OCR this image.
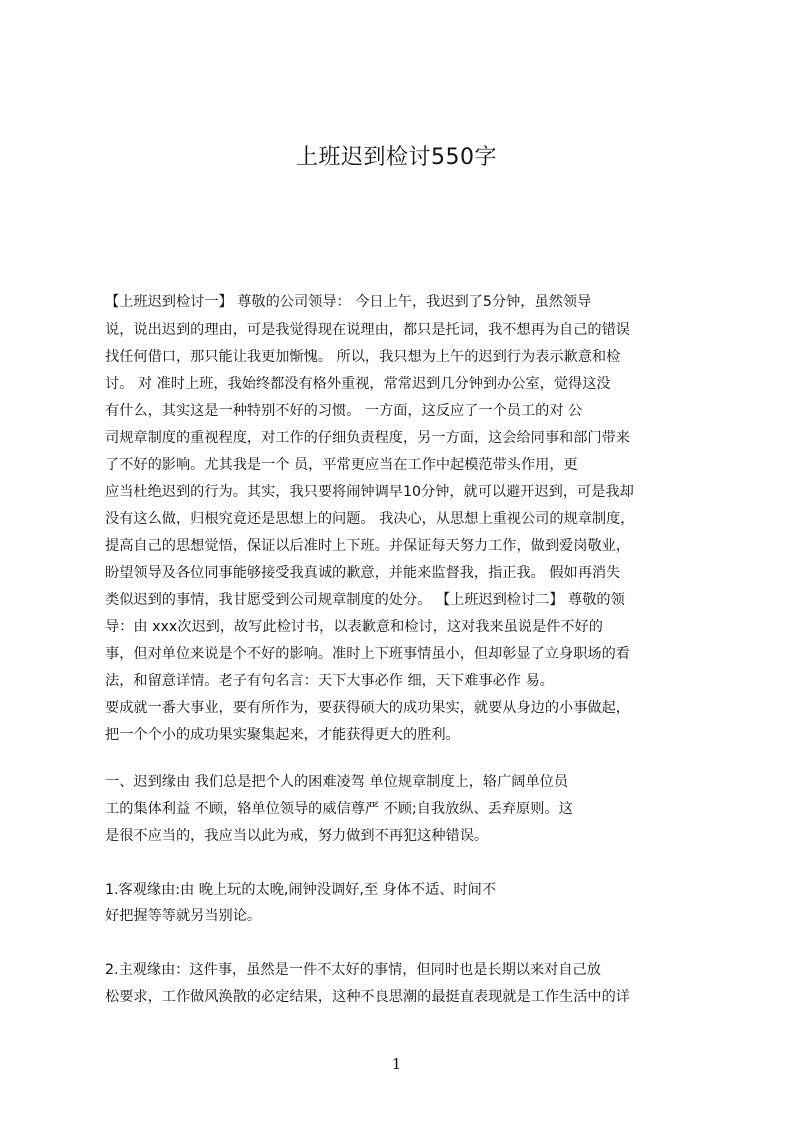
上班迟到检讨550字
【上班迟到检讨一】 尊敬的公司领导： 今日上午，我迟到了5分钟，虽然领导
说，说出迟到的理由，可是我觉得现在说理由，都只是托词，我不想再为自己的错误
找任何借口，那只能让我更加惭愧。 所以，我只想为上午的迟到行为表示歉意和检
讨。 对 准时上班，我始终都没有格外重视，常常迟到几分钟到办公室，觉得这没
有什么，其实这是一种特别不好的习惯。 一方面，这反应了一个员工的对 公
司规章制度的重视程度，对工作的仔细负责程度，另一方面，这会给同事和部门带来
了不好的影响。尤其我是一个 员，平常更应当在工作中起模范带头作用，更
应当杜绝迟到的行为。其实，我只要将闹钟调早10分钟，就可以避开迟到，可是我却
没有这么做，归根究竟还是思想上的问题。 我决心，从思想上重视公司的规章制度，
提高自己的思想觉悟，保证以后准时上下班。并保证每天努力工作，做到爱岗敬业，
盼望领导及各位同事能够接受我真诚的歉意，并能来监督我，指正我。 假如再消失
类似迟到的事情，我甘愿受到公司规章制度的处分。 【上班迟到检讨二】 尊敬的领
导：由 xxx次迟到，故写此检讨书，以表歉意和检讨，这对我来虽说是件不好的
事，但对单位来说是个不好的影响。准时上下班事情虽小，但却彰显了立身职场的看
法，和留意详情。老子有句名言：天下大事必作 细，天下难事必作 易。
要成就一番大事业，要有所作为，要获得硕大的成功果实，就要从身边的小事做起，
把一个个小的成功果实聚集起来，才能获得更大的胜利。
一、迟到缘由 我们总是把个人的困难凌驾 单位规章制度上，辂广阔单位员
工的集体利益 不顾，辂单位领导的威信尊严 不顾;自我放纵、丢弃原则。这
是很不应当的，我应当以此为戒，努力做到不再犯这种错误。
1.客观缘由:由 晚上玩的太晚,闹钟没调好,至 身体不适、时间不
好把握等等就另当别论。
2.主观缘由：这件事，虽然是一件不太好的事情，但同时也是长期以来对自己放
松要求，工作做风涣散的必定结果，这种不良思潮的最挺直表现就是工作生活中的详
1
